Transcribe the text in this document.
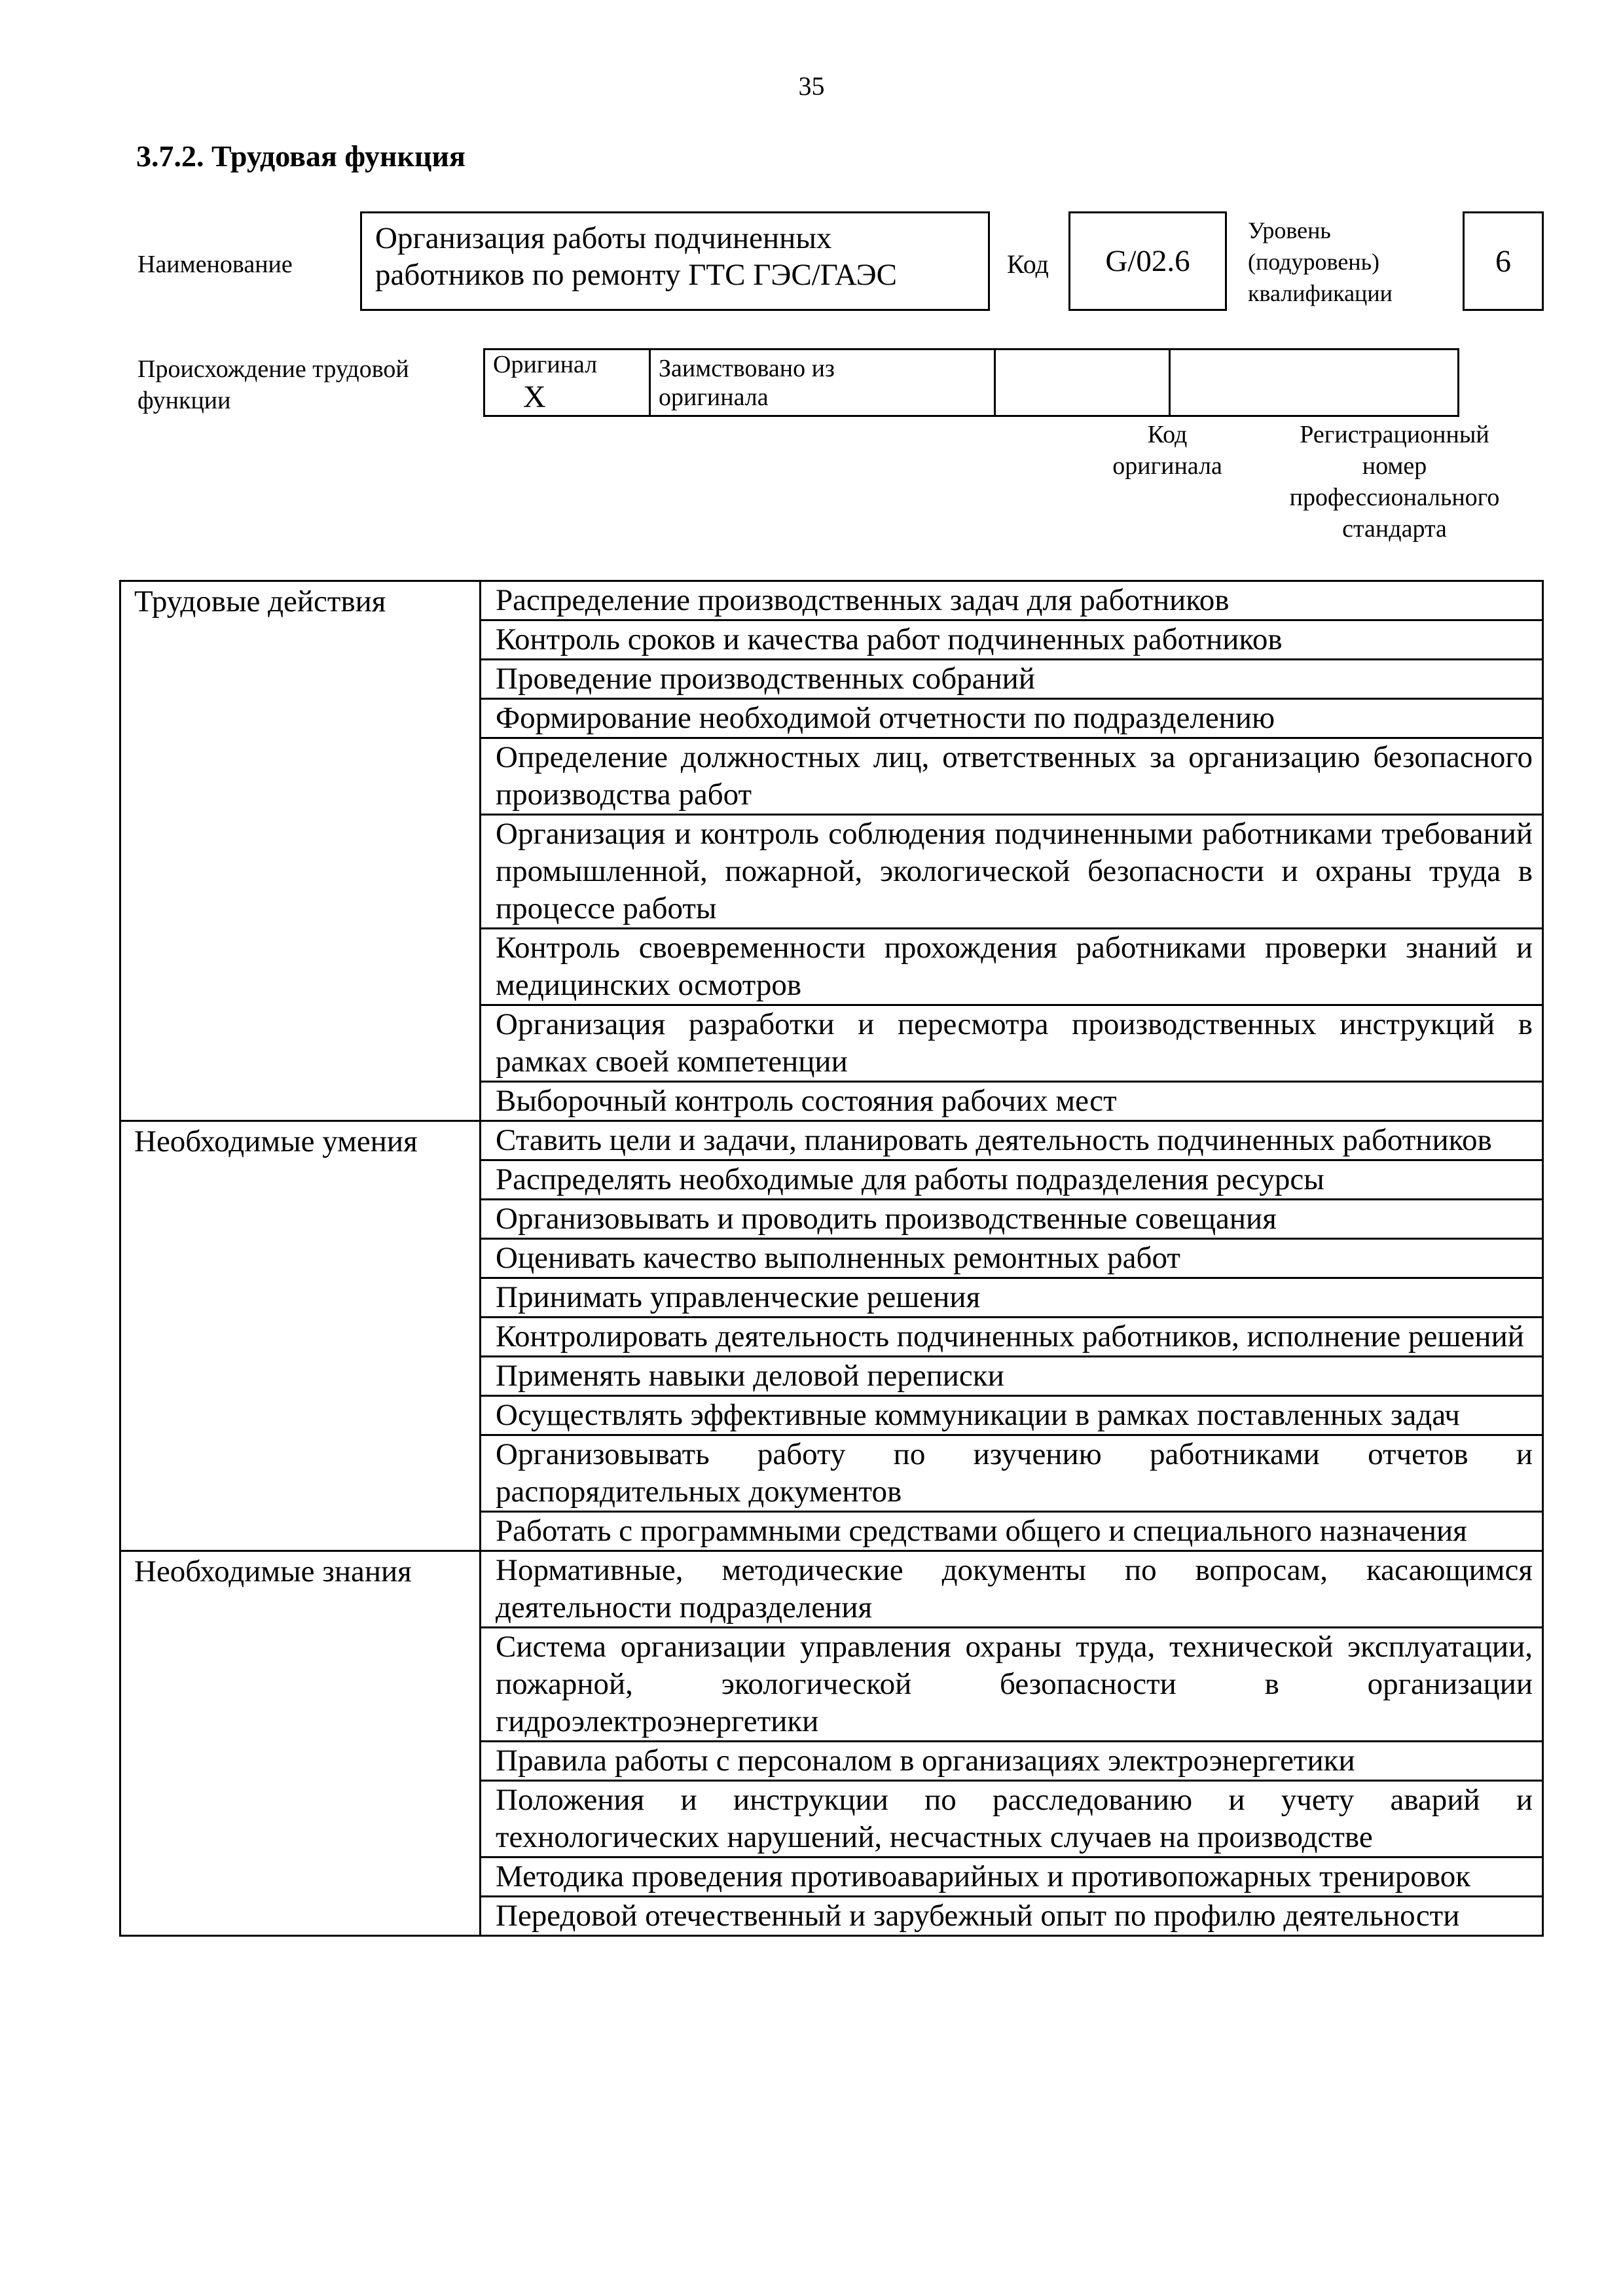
35
3.7.2. Трудовая функция
Наименование
Организация работы подчиненных
работников по ремонту ГТС ГЭС/ГАЭС	Код	G/02.6
Уровень
(подуровень)
квалификации
6
Происхождение трудовой
функции
Оригинал X	
Заимствовано из
оригинала

Код
оригинала
Регистрационный
номер
профессионального
стандарта
Трудовые действия	Распределение производственных задач для работников
	Контроль сроков и качества работ подчиненных работников
	Проведение производственных собраний
	Формирование необходимой отчетности по подразделению
	Определение должностных лиц, ответственных за организацию безопасного производства работ
	Организация и контроль соблюдения подчиненными работниками требований промышленной, пожарной, экологической безопасности и охраны труда в процессе работы
	Контроль своевременности прохождения работниками проверки знаний и медицинских осмотров
	Организация разработки и пересмотра производственных инструкций в рамках своей компетенции
	Выборочный контроль состояния рабочих мест
Необходимые умения	Ставить цели и задачи, планировать деятельность подчиненных работников
	Распределять необходимые для работы подразделения ресурсы
	Организовывать и проводить производственные совещания
	Оценивать качество выполненных ремонтных работ
	Принимать управленческие решения
	Контролировать деятельность подчиненных работников, исполнение решений
	Применять навыки деловой переписки
	Осуществлять эффективные коммуникации в рамках поставленных задач
	Организовывать работу по изучению работниками отчетов и распорядительных документов
	Работать с программными средствами общего и специального назначения
Необходимые знания	Нормативные, методические документы по вопросам, касающимся деятельности подразделения
	Система организации управления охраны труда, технической эксплуатации, пожарной, экологической безопасности в организации гидроэлектроэнергетики
	Правила работы с персоналом в организациях электроэнергетики
	Положения и инструкции по расследованию и учету аварий и технологических нарушений, несчастных случаев на производстве
	Методика проведения противоаварийных и противопожарных тренировок
	Передовой отечественный и зарубежный опыт по профилю деятельности
